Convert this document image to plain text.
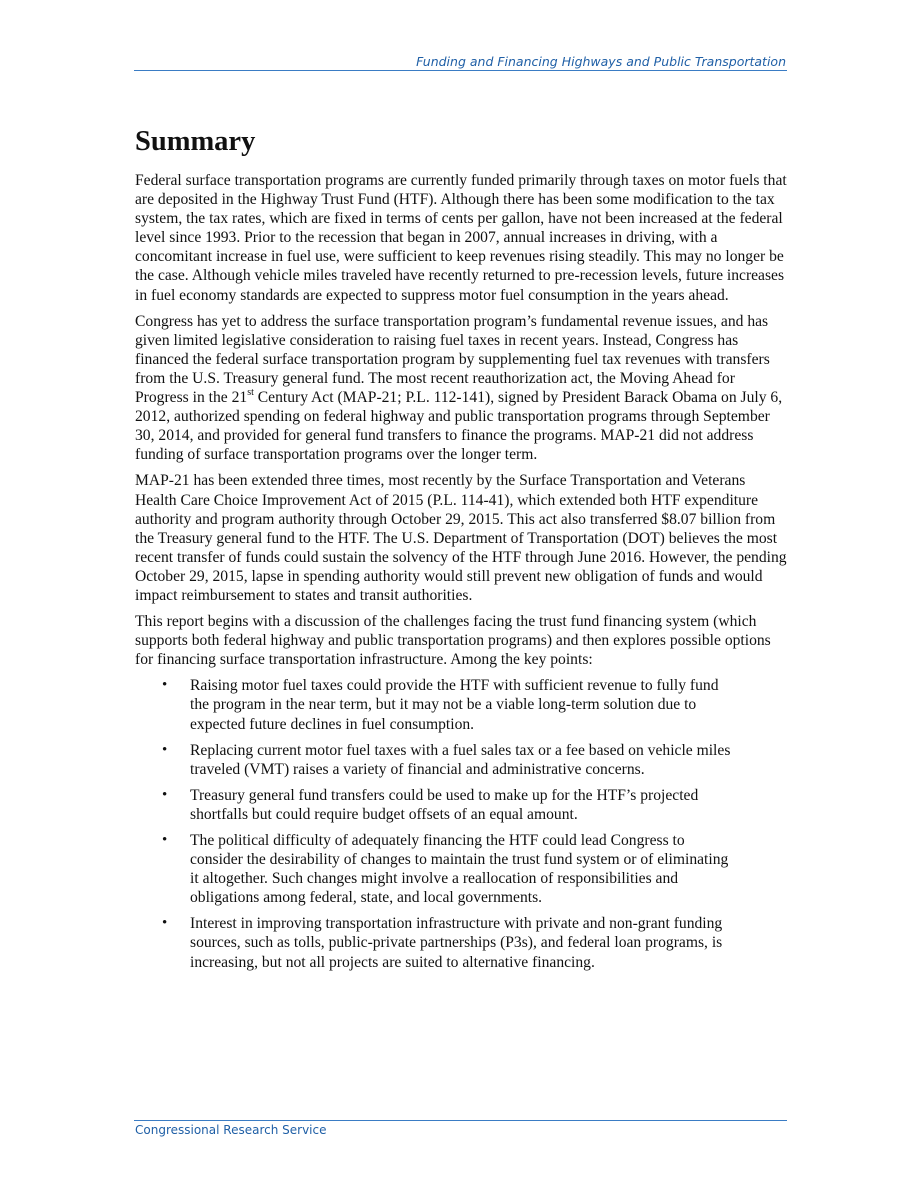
Funding and Financing Highways and Public Transportation
Summary

Federal surface transportation programs are currently funded primarily through taxes on motor fuels that are deposited in the Highway Trust Fund (HTF). Although there has been some modification to the tax system, the tax rates, which are fixed in terms of cents per gallon, have not been increased at the federal level since 1993. Prior to the recession that began in 2007, annual increases in driving, with a concomitant increase in fuel use, were sufficient to keep revenues rising steadily. This may no longer be the case. Although vehicle miles traveled have recently returned to pre-recession levels, future increases in fuel economy standards are expected to suppress motor fuel consumption in the years ahead.

Congress has yet to address the surface transportation program’s fundamental revenue issues, and has given limited legislative consideration to raising fuel taxes in recent years. Instead, Congress has financed the federal surface transportation program by supplementing fuel tax revenues with transfers from the U.S. Treasury general fund. The most recent reauthorization act, the Moving Ahead for Progress in the 21st Century Act (MAP-21; P.L. 112-141), signed by President Barack Obama on July 6, 2012, authorized spending on federal highway and public transportation programs through September 30, 2014, and provided for general fund transfers to finance the programs. MAP-21 did not address funding of surface transportation programs over the longer term.

MAP-21 has been extended three times, most recently by the Surface Transportation and Veterans Health Care Choice Improvement Act of 2015 (P.L. 114-41), which extended both HTF expenditure authority and program authority through October 29, 2015. This act also transferred $8.07 billion from the Treasury general fund to the HTF. The U.S. Department of Transportation (DOT) believes the most recent transfer of funds could sustain the solvency of the HTF through June 2016. However, the pending October 29, 2015, lapse in spending authority would still prevent new obligation of funds and would impact reimbursement to states and transit authorities.

This report begins with a discussion of the challenges facing the trust fund financing system (which supports both federal highway and public transportation programs) and then explores possible options for financing surface transportation infrastructure. Among the key points:

• Raising motor fuel taxes could provide the HTF with sufficient revenue to fully fund the program in the near term, but it may not be a viable long-term solution due to expected future declines in fuel consumption.
• Replacing current motor fuel taxes with a fuel sales tax or a fee based on vehicle miles traveled (VMT) raises a variety of financial and administrative concerns.
• Treasury general fund transfers could be used to make up for the HTF’s projected shortfalls but could require budget offsets of an equal amount.
• The political difficulty of adequately financing the HTF could lead Congress to consider the desirability of changes to maintain the trust fund system or of eliminating it altogether. Such changes might involve a reallocation of responsibilities and obligations among federal, state, and local governments.
• Interest in improving transportation infrastructure with private and non-grant funding sources, such as tolls, public-private partnerships (P3s), and federal loan programs, is increasing, but not all projects are suited to alternative financing.
Congressional Research Service
